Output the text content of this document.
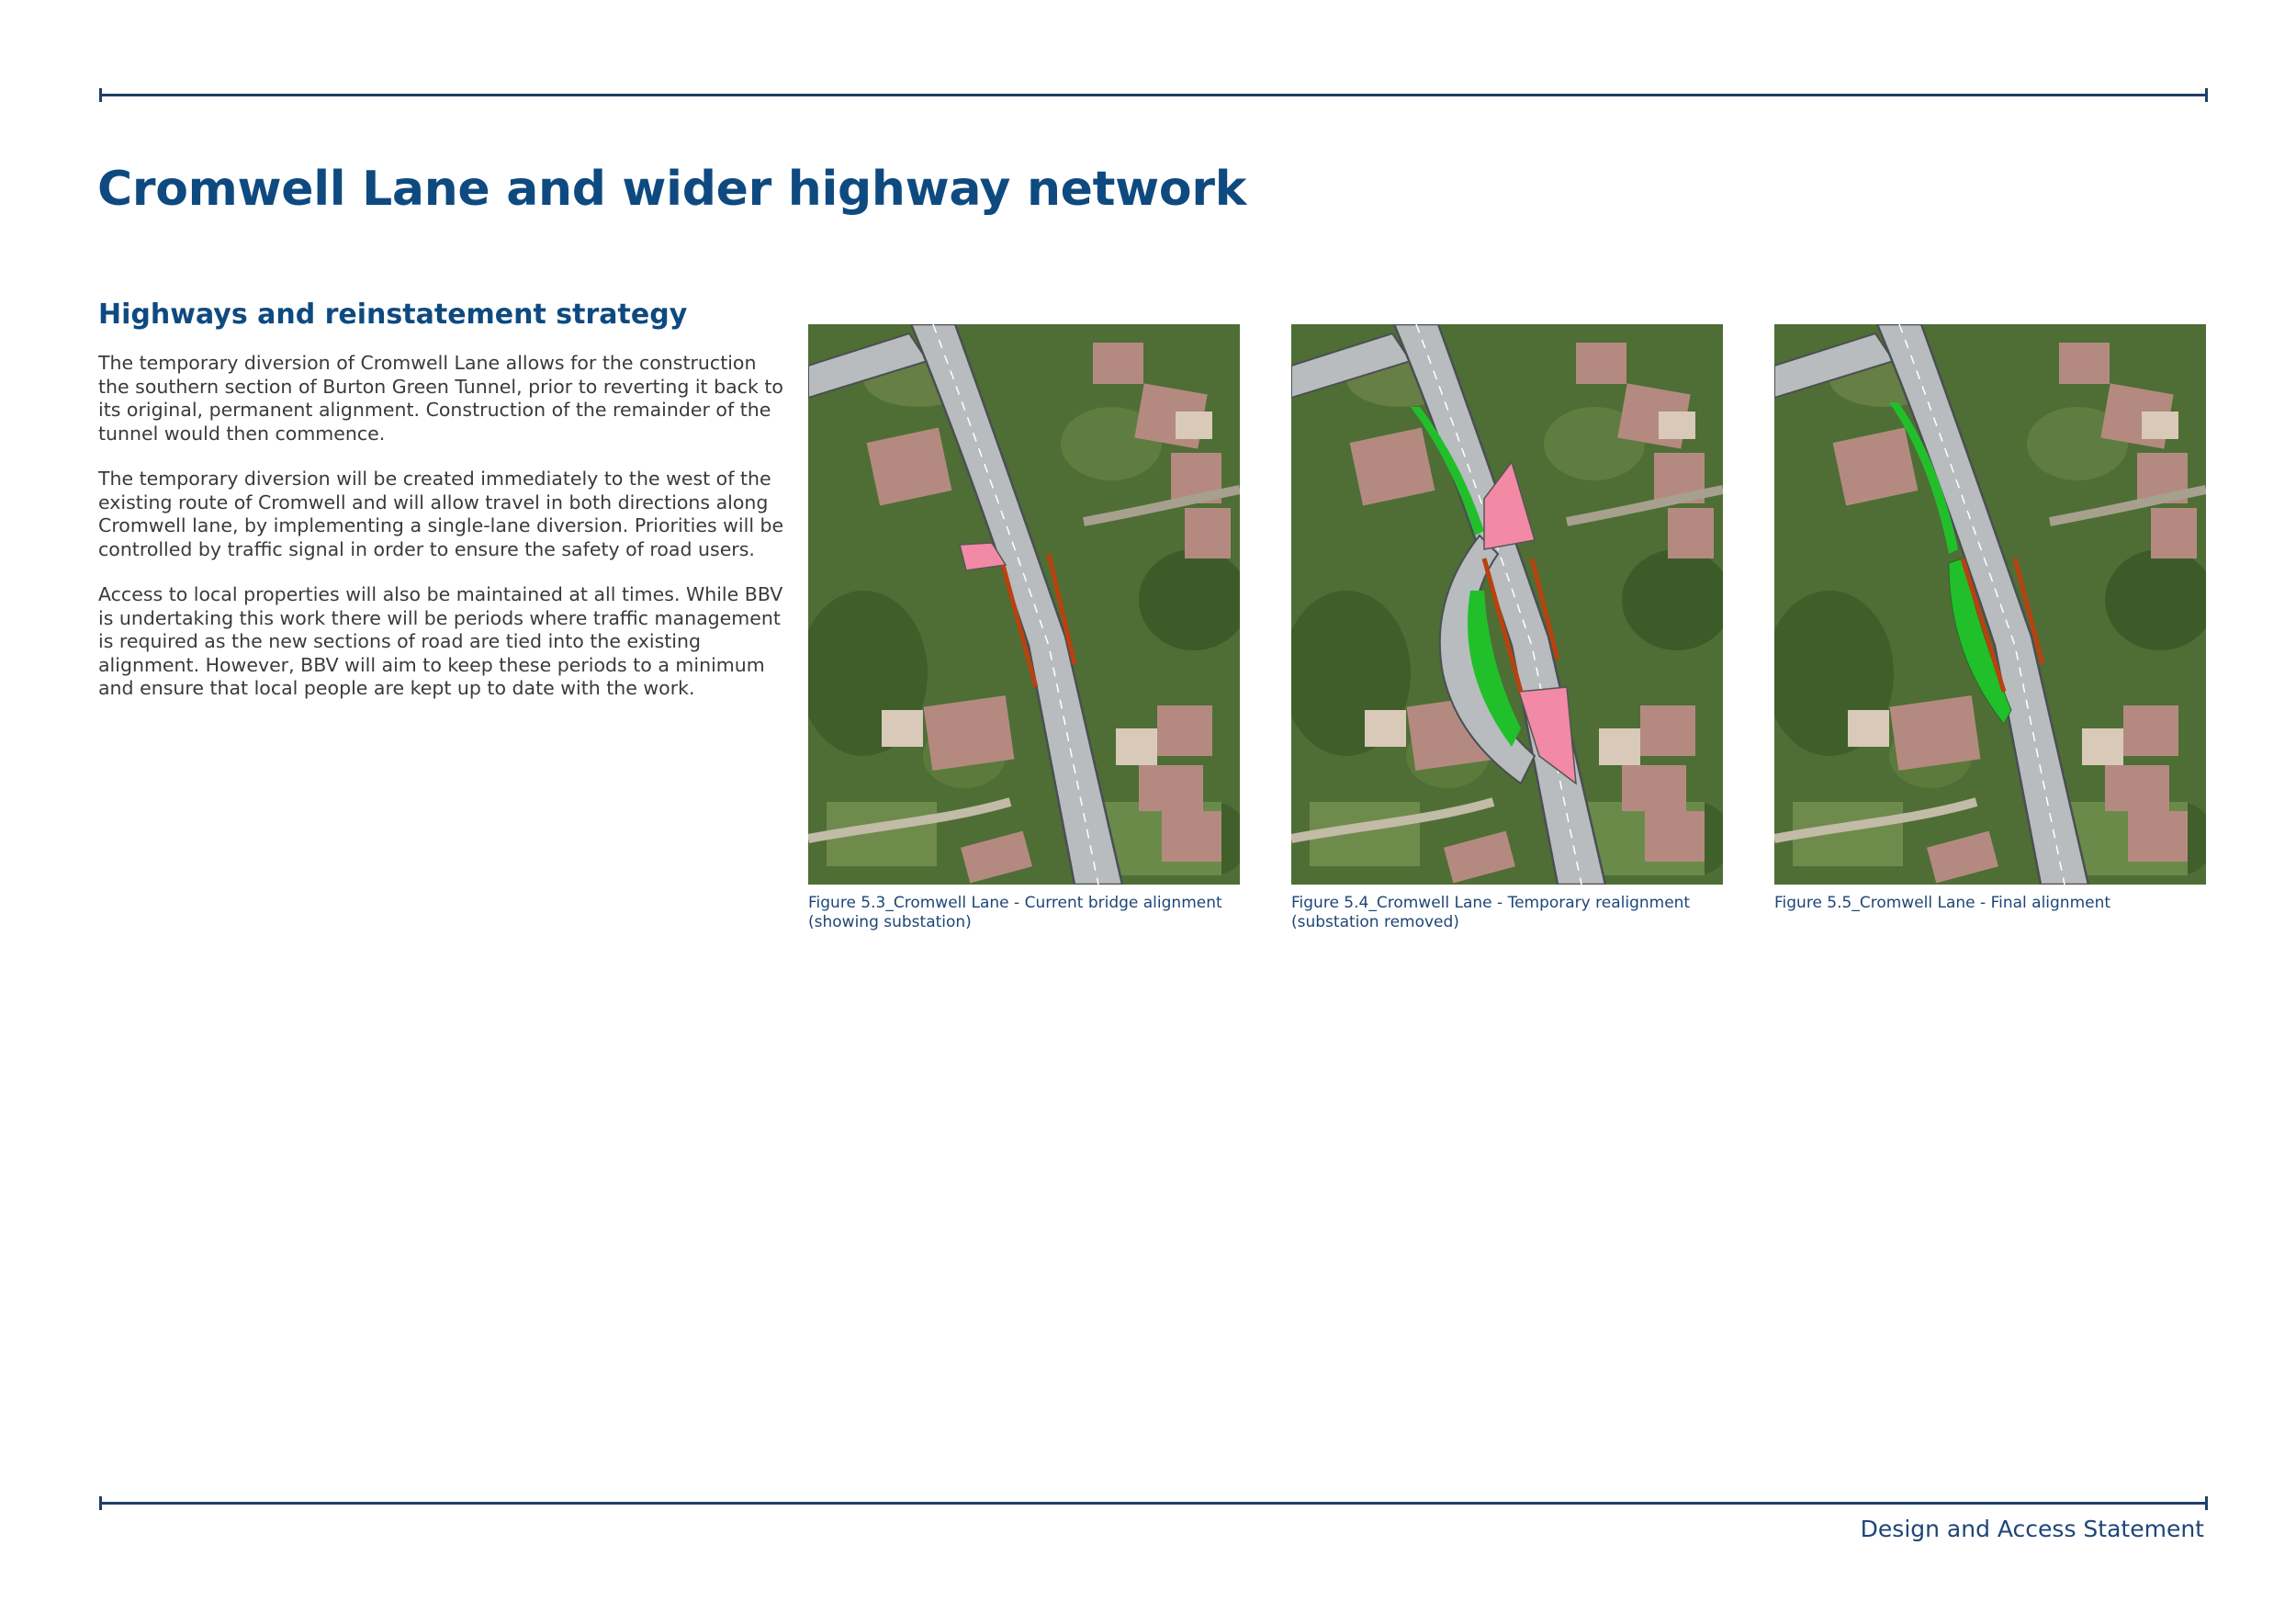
Cromwell Lane and wider highway network
Highways and reinstatement strategy

The temporary diversion of Cromwell Lane allows for the construction the southern section of Burton Green Tunnel, prior to reverting it back to its original, permanent alignment. Construction of the remainder of the tunnel would then commence.

The temporary diversion will be created immediately to the west of the existing route of Cromwell and will allow travel in both directions along Cromwell lane, by implementing a single-lane diversion. Priorities will be controlled by traffic signal in order to ensure the safety of road users.

Access to local properties will also be maintained at all times. While BBV is undertaking this work there will be periods where traffic management is required as the new sections of road are tied into the existing alignment. However, BBV will aim to keep these periods to a minimum and ensure that local people are kept up to date with the work.

Figure 5.3_Cromwell Lane - Current bridge alignment (showing substation)
Figure 5.4_Cromwell Lane - Temporary realignment (substation removed)
Figure 5.5_Cromwell Lane - Final alignment
Design and Access Statement
